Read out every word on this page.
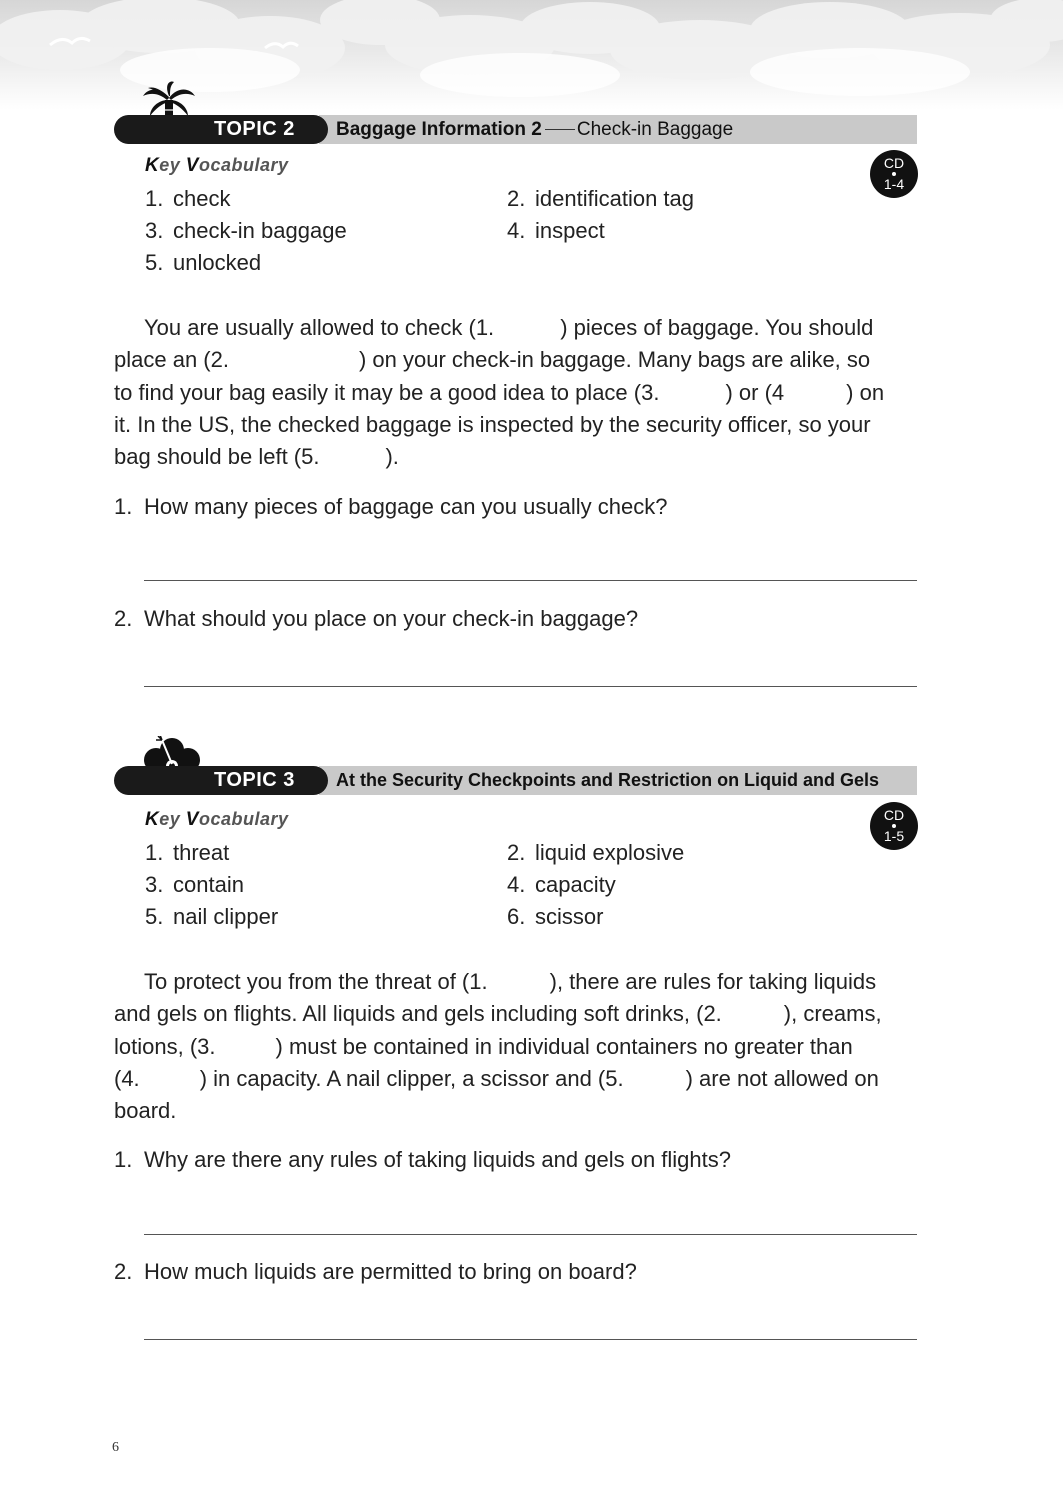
TOPIC 2 Baggage Information 2 Check-in Baggage
Key Vocabulary	CD
1-4
1. check	2. identification tag
3. check-in baggage	4. inspect
5. unlocked
You are usually allowed to check (1.	) pieces of baggage. You should
place an (2.	) on your check-in baggage. Many bags are alike, so
to find your bag easily it may be a good idea to place (3.	) or (4	) on
it. In the US, the checked baggage is inspected by the security officer, so your
bag should be left (5.	).
1. How many pieces of baggage can you usually check?
2. What should you place on your check-in baggage?
TOPIC 3 At the Security Checkpoints and Restriction on Liquid and Gels
Key Vocabulary	CD
1-5
1. threat	2. liquid explosive
3. contain	4. capacity
5. nail clipper	6. scissor
To protect you from the threat of (1.	), there are rules for taking liquids
and gels on flights. All liquids and gels including soft drinks, (2.	), creams,
lotions, (3.	) must be contained in individual containers no greater than
(4.	) in capacity. A nail clipper, a scissor and (5.	) are not allowed on
board.
1. Why are there any rules of taking liquids and gels on flights?
2. How much liquids are permitted to bring on board?
6
